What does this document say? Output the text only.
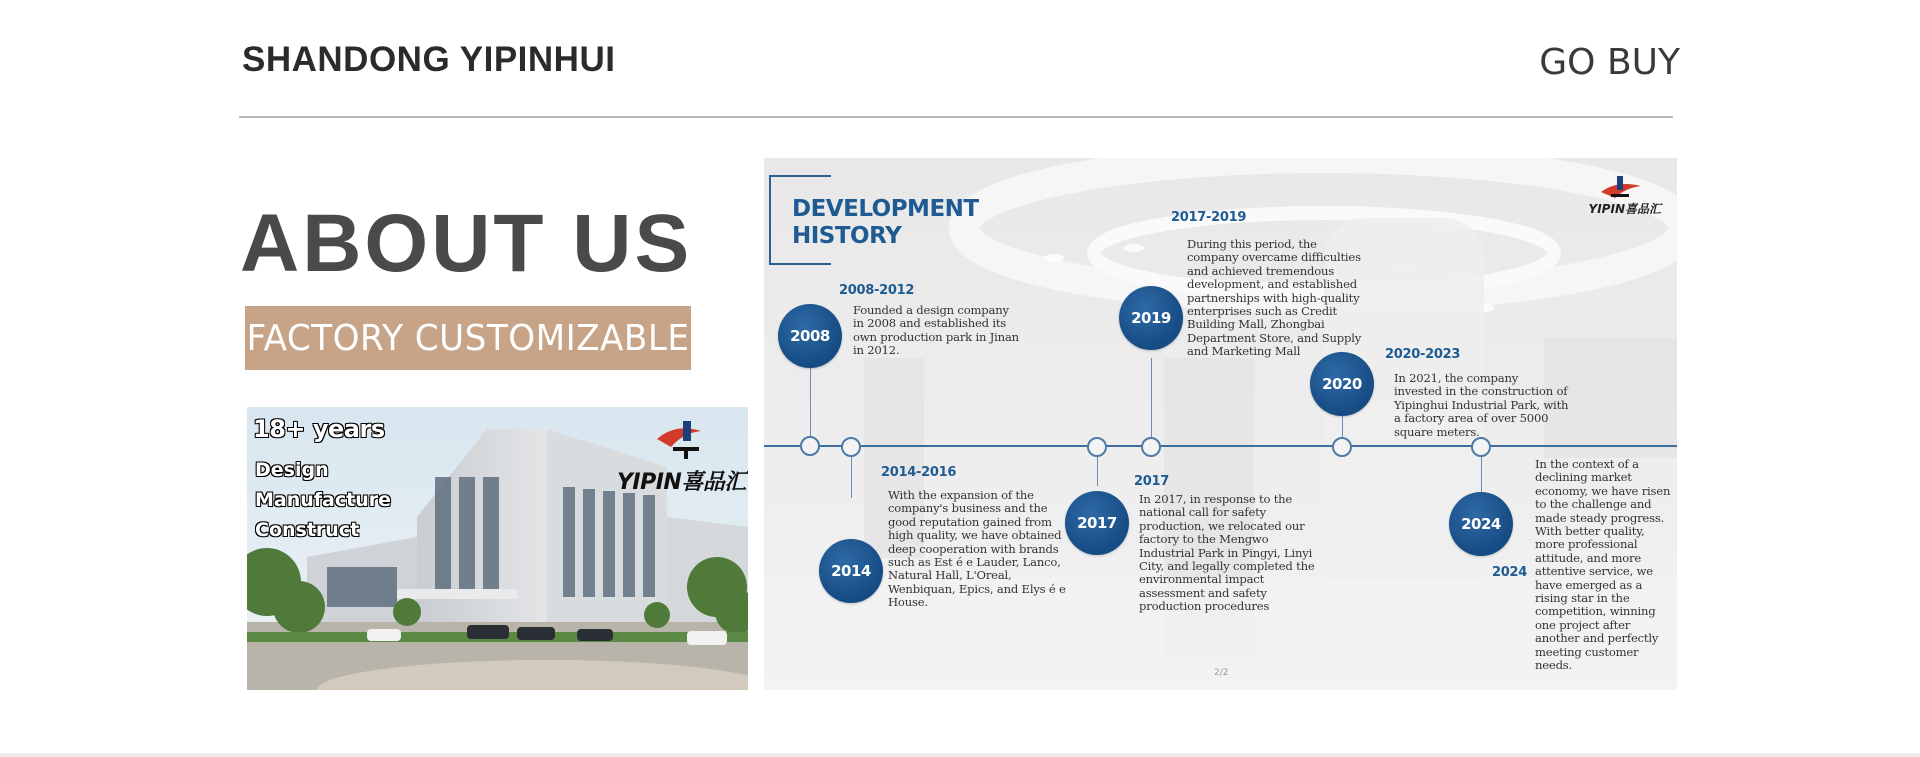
SHANDONG YIPINHUI	GO BUY
ABOUT US
FACTORY CUSTOMIZABLE
18+ years
Design
Manufacture
Construct
YIPIN喜品汇
DEVELOPMENT
HISTORY
YIPIN喜品汇
2008
2008-2012
Founded a design company in 2008 and established its own production park in Jinan in 2012.
2014
2014-2016
With the expansion of the company's business and the good reputation gained from high quality, we have obtained deep cooperation with brands such as Est é e Lauder, Lanco, Natural Hall, L'Oreal, Wenbiquan, Epics, and Elys é e House.
2017
2017
In 2017, in response to the national call for safety production, we relocated our factory to the Mengwo Industrial Park in Pingyi, Linyi City, and legally completed the environmental impact assessment and safety production procedures
2019
2017-2019
During this period, the company overcame difficulties and achieved tremendous development, and established partnerships with high-quality enterprises such as Credit Building Mall, Zhongbai Department Store, and Supply and Marketing Mall
2020
2020-2023
In 2021, the company invested in the construction of Yipinghui Industrial Park, with a factory area of over 5000 square meters.
2024
2024
In the context of a declining market economy, we have risen to the challenge and made steady progress. With better quality, more professional attitude, and more attentive service, we have emerged as a rising star in the competition, winning one project after another and perfectly meeting customer needs.
2/2
